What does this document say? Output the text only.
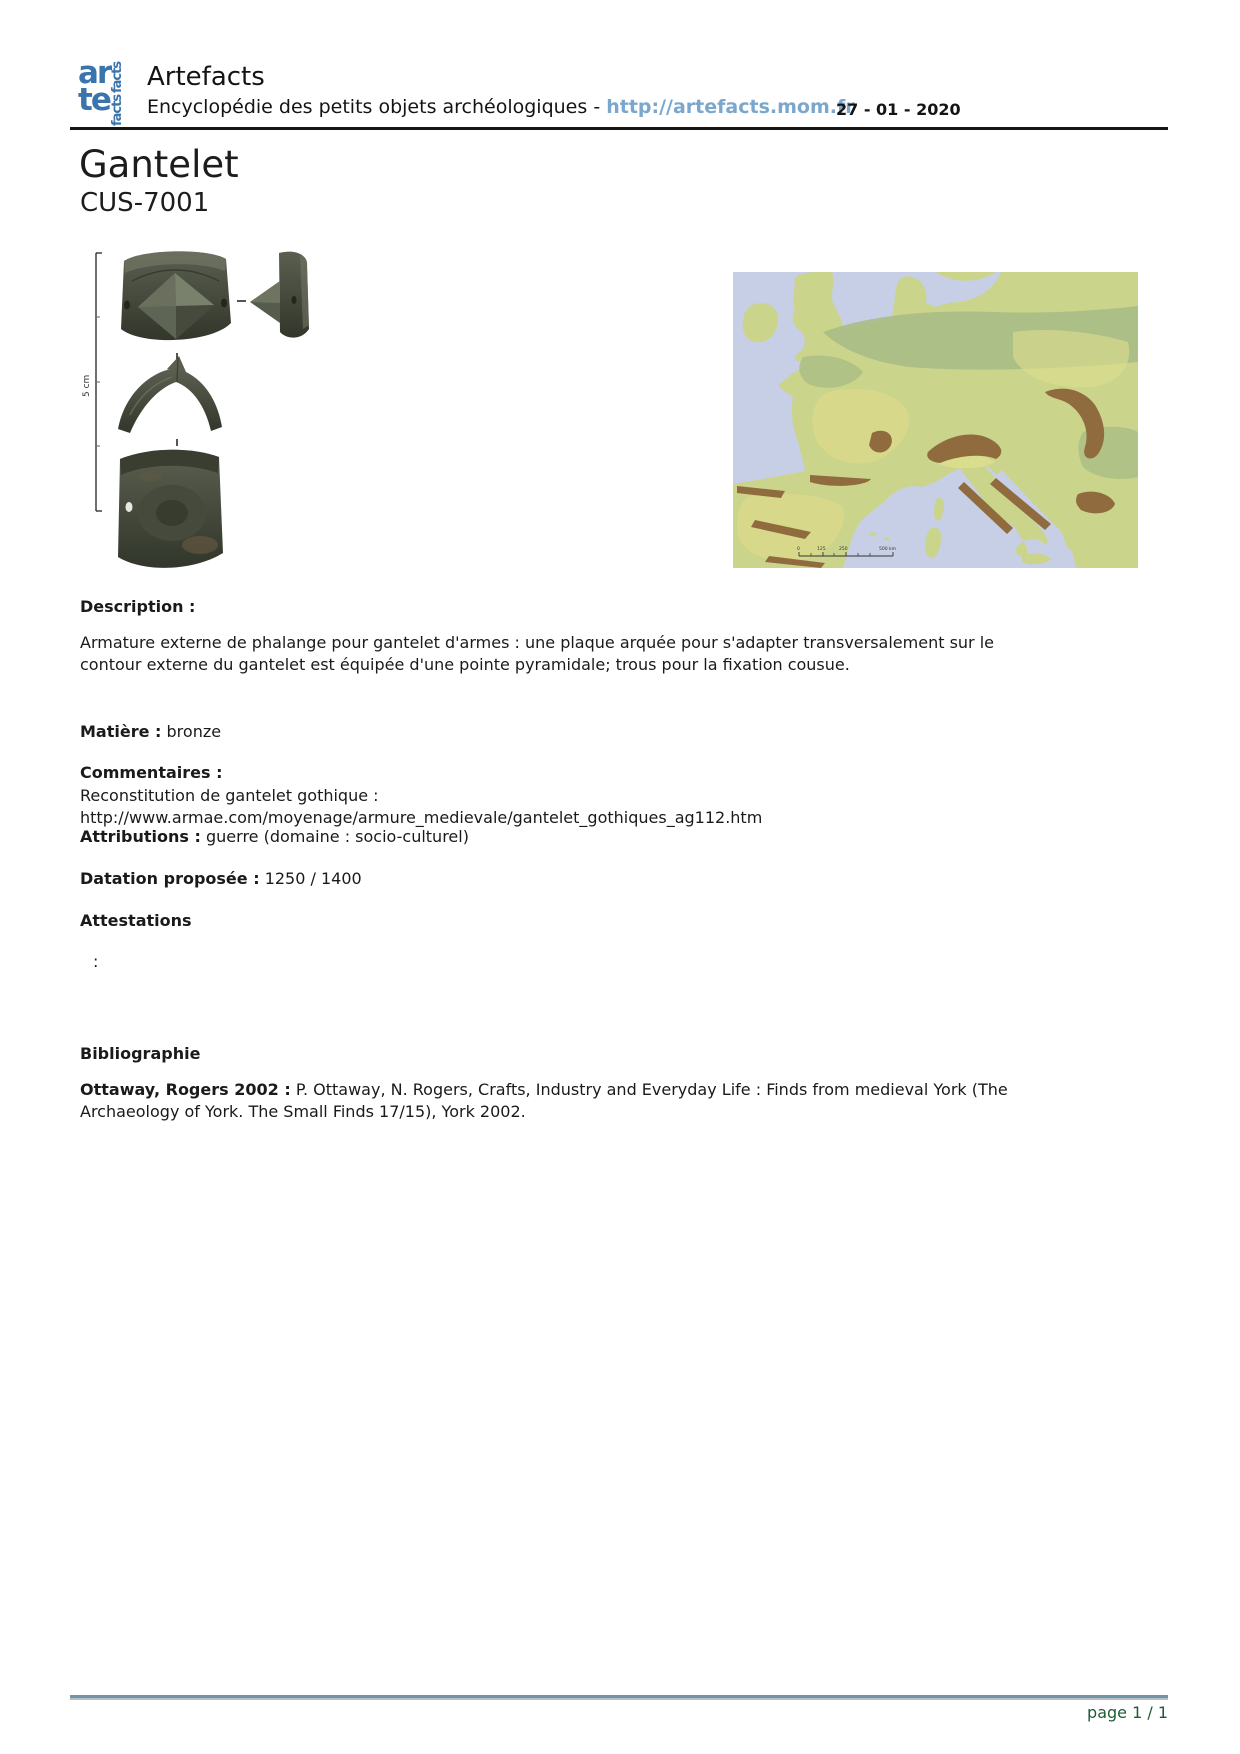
ar
te
facts
facts
Artefacts
Encyclopédie des petits objets archéologiques - http://artefacts.mom.fr
27 - 01 - 2020
Gantelet
CUS-7001
5 cm
0	125	250	500 km
Description :
Armature externe de phalange pour gantelet d'armes : une plaque arquée pour s'adapter transversalement sur le contour externe du gantelet est équipée d'une pointe pyramidale; trous pour la fixation cousue.
Matière : bronze
Commentaires :
Reconstitution de gantelet gothique : http://www.armae.com/moyenage/armure_medievale/gantelet_gothiques_ag112.htm
Attributions : guerre (domaine : socio-culturel)
Datation proposée : 1250 / 1400
Attestations
:
Bibliographie
Ottaway, Rogers 2002 : P. Ottaway, N. Rogers, Crafts, Industry and Everyday Life : Finds from medieval York (The Archaeology of York. The Small Finds 17/15), York 2002.
page 1 / 1
